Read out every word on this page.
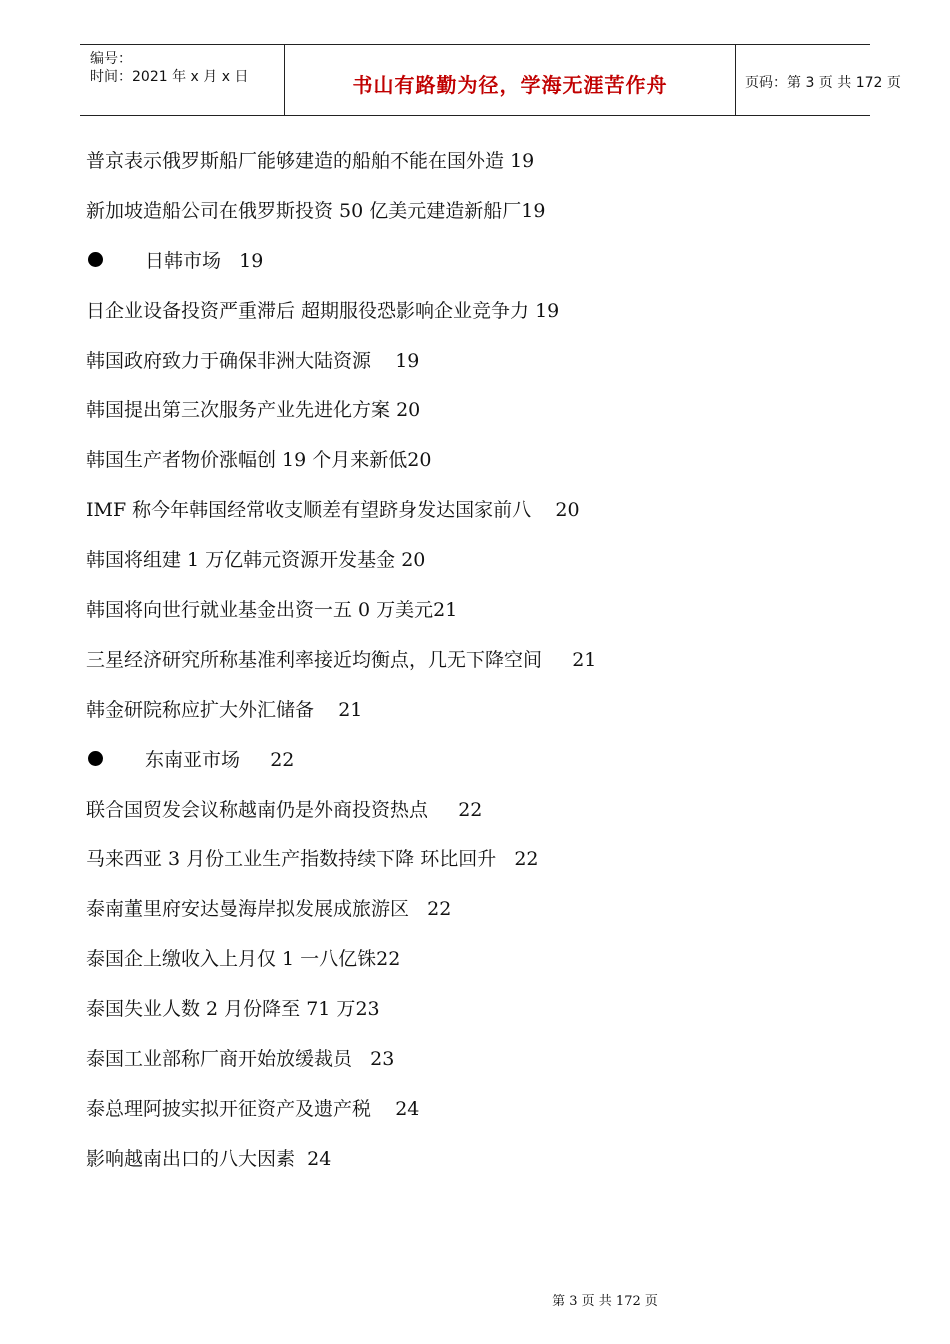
编号：
时间：2021 年 x 月 x 日	书山有路勤为径，学海无涯苦作舟	页码：第 3 页 共 172 页
普京表示俄罗斯船厂能够建造的船舶不能在国外造 19
新加坡造船公司在俄罗斯投资 50 亿美元建造新船厂19
日韩市场 19
日企业设备投资严重滞后 超期服役恐影响企业竞争力 19
韩国政府致力于确保非洲大陆资源 19
韩国提出第三次服务产业先进化方案 20
韩国生产者物价涨幅创 19 个月来新低20
IMF 称今年韩国经常收支顺差有望跻身发达国家前八 20
韩国将组建 1 万亿韩元资源开发基金 20
韩国将向世行就业基金出资一五 0 万美元21
三星经济研究所称基准利率接近均衡点，几无下降空间 21
韩金研院称应扩大外汇储备 21
东南亚市场 22
联合国贸发会议称越南仍是外商投资热点 22
马来西亚 3 月份工业生产指数持续下降 环比回升 22
泰南董里府安达曼海岸拟发展成旅游区 22
泰国企上缴收入上月仅 1 一八亿铢22
泰国失业人数 2 月份降至 71 万23
泰国工业部称厂商开始放缓裁员 23
泰总理阿披实拟开征资产及遗产税 24
影响越南出口的八大因素 24
第 3 页 共 172 页
